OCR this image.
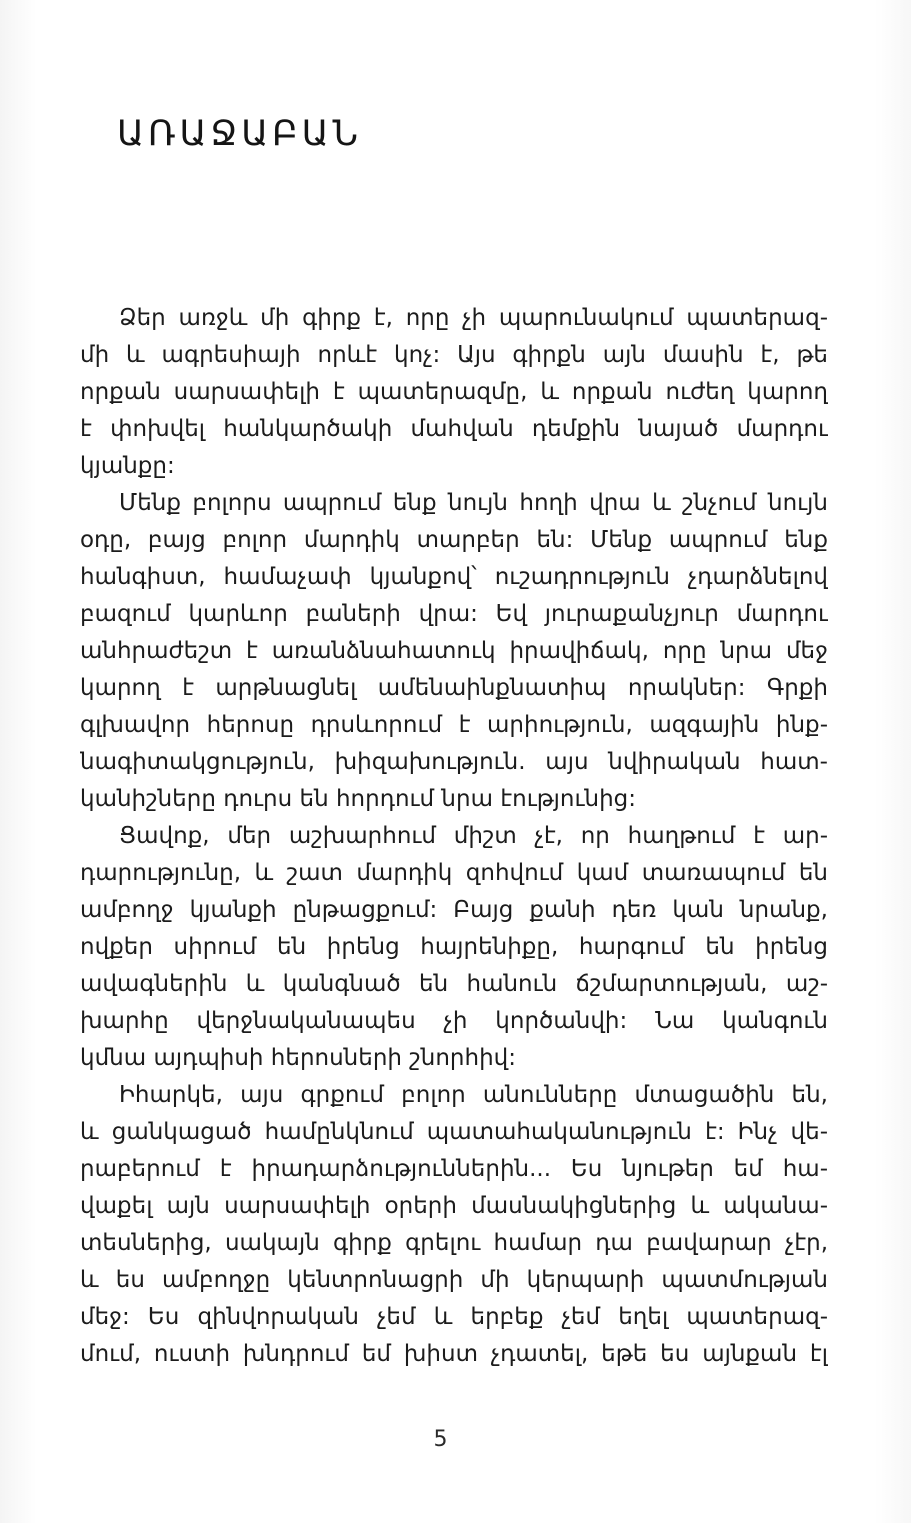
ԱՌԱՋԱԲԱՆ
Ձեր առջև մի գիրք է, որը չի պարունակում պատերազ-
մի և ագրեսիայի որևէ կոչ: Այս գիրքն այն մասին է, թե
որքան սարսափելի է պատերազմը, և որքան ուժեղ կարող
է փոխվել հանկարծակի մահվան դեմքին նայած մարդու
կյանքը:
Մենք բոլորս ապրում ենք նույն հողի վրա և շնչում նույն
օդը, բայց բոլոր մարդիկ տարբեր են: Մենք ապրում ենք
հանգիստ, համաչափ կյանքով՝ ուշադրություն չդարձնելով
բազում կարևոր բաների վրա: Եվ յուրաքանչյուր մարդու
անհրաժեշտ է առանձնահատուկ իրավիճակ, որը նրա մեջ
կարող է արթնացնել ամենաինքնատիպ որակներ: Գրքի
գլխավոր հերոսը դրսևորում է արիություն, ազգային ինք-
նագիտակցություն, խիզախություն. այս նվիրական հատ-
կանիշները դուրս են հորդում նրա էությունից:
Ցավոք, մեր աշխարհում միշտ չէ, որ հաղթում է ար-
դարությունը, և շատ մարդիկ զոհվում կամ տառապում են
ամբողջ կյանքի ընթացքում: Բայց քանի դեռ կան նրանք,
ովքեր սիրում են իրենց հայրենիքը, հարգում են իրենց
ավագներին և կանգնած են հանուն ճշմարտության, աշ-
խարհը վերջնականապես չի կործանվի: Նա կանգուն
կմնա այդպիսի հերոսների շնորհիվ:
Իհարկե, այս գրքում բոլոր անունները մտացածին են,
և ցանկացած համընկնում պատահականություն է: Ինչ վե-
րաբերում է իրադարձություններին... Ես նյութեր եմ հա-
վաքել այն սարսափելի օրերի մասնակիցներից և ականա-
տեսներից, սակայն գիրք գրելու համար դա բավարար չէր,
և ես ամբողջը կենտրոնացրի մի կերպարի պատմության
մեջ: Ես զինվորական չեմ և երբեք չեմ եղել պատերազ-
մում, ուստի խնդրում եմ խիստ չդատել, եթե ես այնքան էլ
5
